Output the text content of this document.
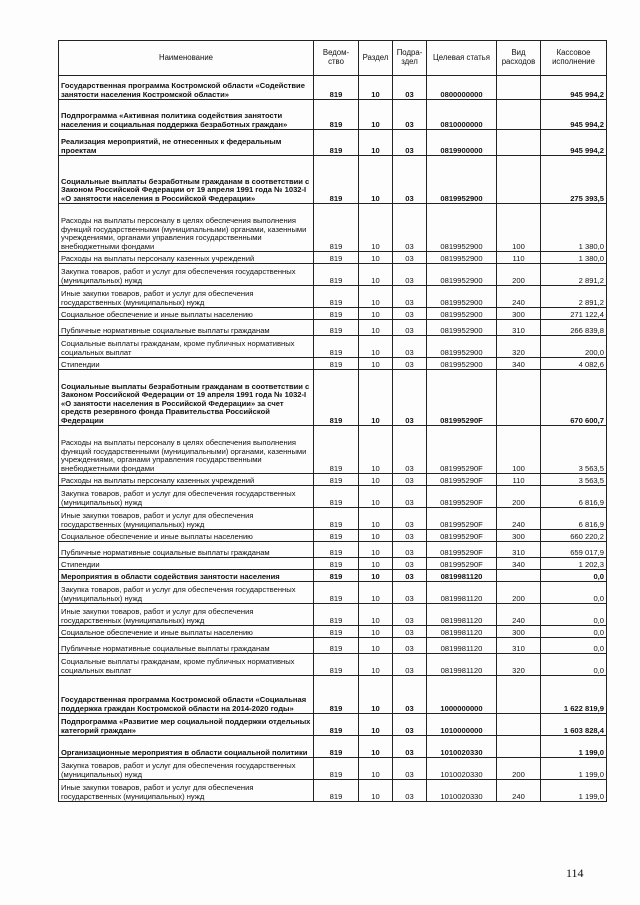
Наименование	Ведом-ство	Раздел	Подра-здел	Целевая статья	Вид расходов	Кассовое исполнение
Государственная программа Костромской области «Содействие занятости населения Костромской области»	819	10	03	0800000000		945 994,2
Подпрограмма «Активная политика содействия занятости населения и социальная поддержка безработных граждан»	819	10	03	0810000000		945 994,2
Реализация мероприятий, не отнесенных к федеральным проектам	819	10	03	0819900000		945 994,2
Социальные выплаты безработным гражданам в соответствии с Законом Российской Федерации от 19 апреля 1991 года № 1032-I «О занятости населения в Российской Федерации»	819	10	03	0819952900		275 393,5
Расходы на выплаты персоналу в целях обеспечения выполнения функций государственными (муниципальными) органами, казенными учреждениями, органами управления государственными внебюджетными фондами	819	10	03	0819952900	100	1 380,0
Расходы на выплаты персоналу казенных учреждений	819	10	03	0819952900	110	1 380,0
Закупка товаров, работ и услуг для обеспечения государственных (муниципальных) нужд	819	10	03	0819952900	200	2 891,2
Иные закупки товаров, работ и услуг для обеспечения государственных (муниципальных) нужд	819	10	03	0819952900	240	2 891,2
Социальное обеспечение и иные выплаты населению	819	10	03	0819952900	300	271 122,4
Публичные нормативные социальные выплаты гражданам	819	10	03	0819952900	310	266 839,8
Социальные выплаты гражданам, кроме публичных нормативных социальных выплат	819	10	03	0819952900	320	200,0
Стипендии	819	10	03	0819952900	340	4 082,6
Социальные выплаты безработным гражданам в соответствии с Законом Российской Федерации от 19 апреля 1991 года № 1032-I «О занятости населения в Российской Федерации» за счет средств резервного фонда Правительства Российской Федерации	819	10	03	081995290F		670 600,7
Расходы на выплаты персоналу в целях обеспечения выполнения функций государственными (муниципальными) органами, казенными учреждениями, органами управления государственными внебюджетными фондами	819	10	03	081995290F	100	3 563,5
Расходы на выплаты персоналу казенных учреждений	819	10	03	081995290F	110	3 563,5
Закупка товаров, работ и услуг для обеспечения государственных (муниципальных) нужд	819	10	03	081995290F	200	6 816,9
Иные закупки товаров, работ и услуг для обеспечения государственных (муниципальных) нужд	819	10	03	081995290F	240	6 816,9
Социальное обеспечение и иные выплаты населению	819	10	03	081995290F	300	660 220,2
Публичные нормативные социальные выплаты гражданам	819	10	03	081995290F	310	659 017,9
Стипендии	819	10	03	081995290F	340	1 202,3
Мероприятия в области содействия занятости населения	819	10	03	0819981120		0,0
Закупка товаров, работ и услуг для обеспечения государственных (муниципальных) нужд	819	10	03	0819981120	200	0,0
Иные закупки товаров, работ и услуг для обеспечения государственных (муниципальных) нужд	819	10	03	0819981120	240	0,0
Социальное обеспечение и иные выплаты населению	819	10	03	0819981120	300	0,0
Публичные нормативные социальные выплаты гражданам	819	10	03	0819981120	310	0,0
Социальные выплаты гражданам, кроме публичных нормативных социальных выплат	819	10	03	0819981120	320	0,0
Государственная программа Костромской области «Социальная поддержка граждан Костромской области на 2014-2020 годы»	819	10	03	1000000000		1 622 819,9
Подпрограмма «Развитие мер социальной поддержки отдельных категорий граждан»	819	10	03	1010000000		1 603 828,4
Организационные мероприятия в области социальной политики	819	10	03	1010020330		1 199,0
Закупка товаров, работ и услуг для обеспечения государственных (муниципальных) нужд	819	10	03	1010020330	200	1 199,0
Иные закупки товаров, работ и услуг для обеспечения государственных (муниципальных) нужд	819	10	03	1010020330	240	1 199,0
114
